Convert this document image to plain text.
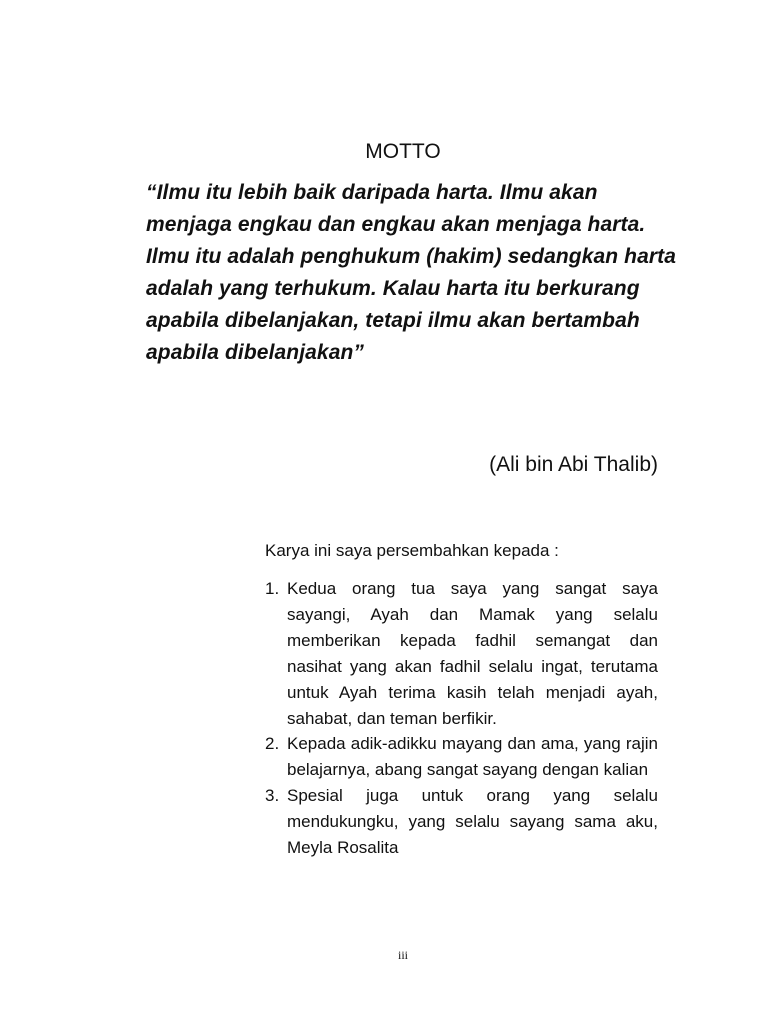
MOTTO

“Ilmu itu lebih baik daripada harta. Ilmu akan menjaga engkau dan engkau akan menjaga harta. Ilmu itu adalah penghukum (hakim) sedangkan harta adalah yang terhukum. Kalau harta itu berkurang apabila dibelanjakan, tetapi ilmu akan bertambah apabila dibelanjakan”

(Ali bin Abi Thalib)

Karya ini saya persembahkan kepada :

1. Kedua orang tua saya yang sangat saya sayangi, Ayah dan Mamak yang selalu memberikan kepada fadhil semangat dan nasihat yang akan fadhil selalu ingat, terutama untuk Ayah terima kasih telah menjadi ayah, sahabat, dan teman berfikir.
2. Kepada adik-adikku mayang dan ama, yang rajin belajarnya, abang sangat sayang dengan kalian
3. Spesial juga untuk orang yang selalu mendukungku, yang selalu sayang sama aku, Meyla Rosalita
iii
